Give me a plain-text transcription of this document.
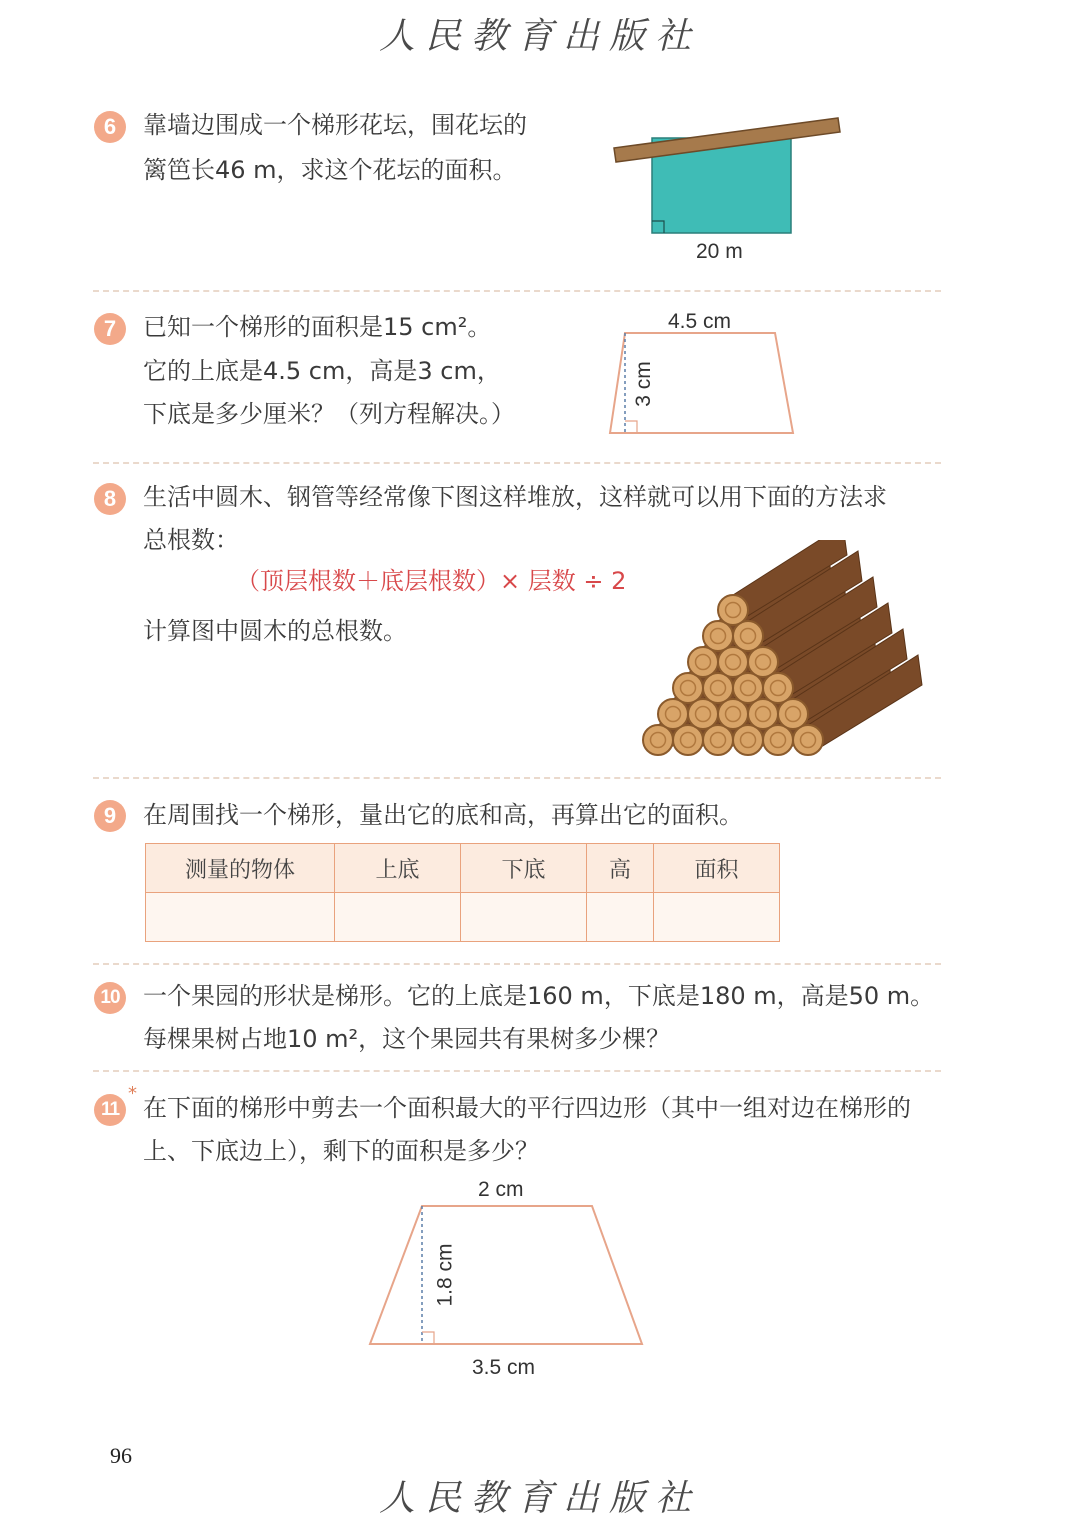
人民教育出版社
6	靠墙边围成一个梯形花坛，围花坛的
篱笆长46 m，求这个花坛的面积。
20 m
7	已知一个梯形的面积是15 cm²。
它的上底是4.5 cm，高是3 cm，
下底是多少厘米？（列方程解决。）
4.5 cm
3 cm
8	生活中圆木、钢管等经常像下图这样堆放，这样就可以用下面的方法求
总根数：
（顶层根数＋底层根数）× 层数 ÷ 2
计算图中圆木的总根数。
9	在周围找一个梯形，量出它的底和高，再算出它的面积。
测量的物体	上底	下底	高	面积

10 一个果园的形状是梯形。它的上底是160 m，下底是180 m，高是50 m。
每棵果树占地10 m²，这个果园共有果树多少棵？
*
11 在下面的梯形中剪去一个面积最大的平行四边形（其中一组对边在梯形的
上、下底边上），剩下的面积是多少？
2 cm
1.8 cm
3.5 cm
96
人民教育出版社
